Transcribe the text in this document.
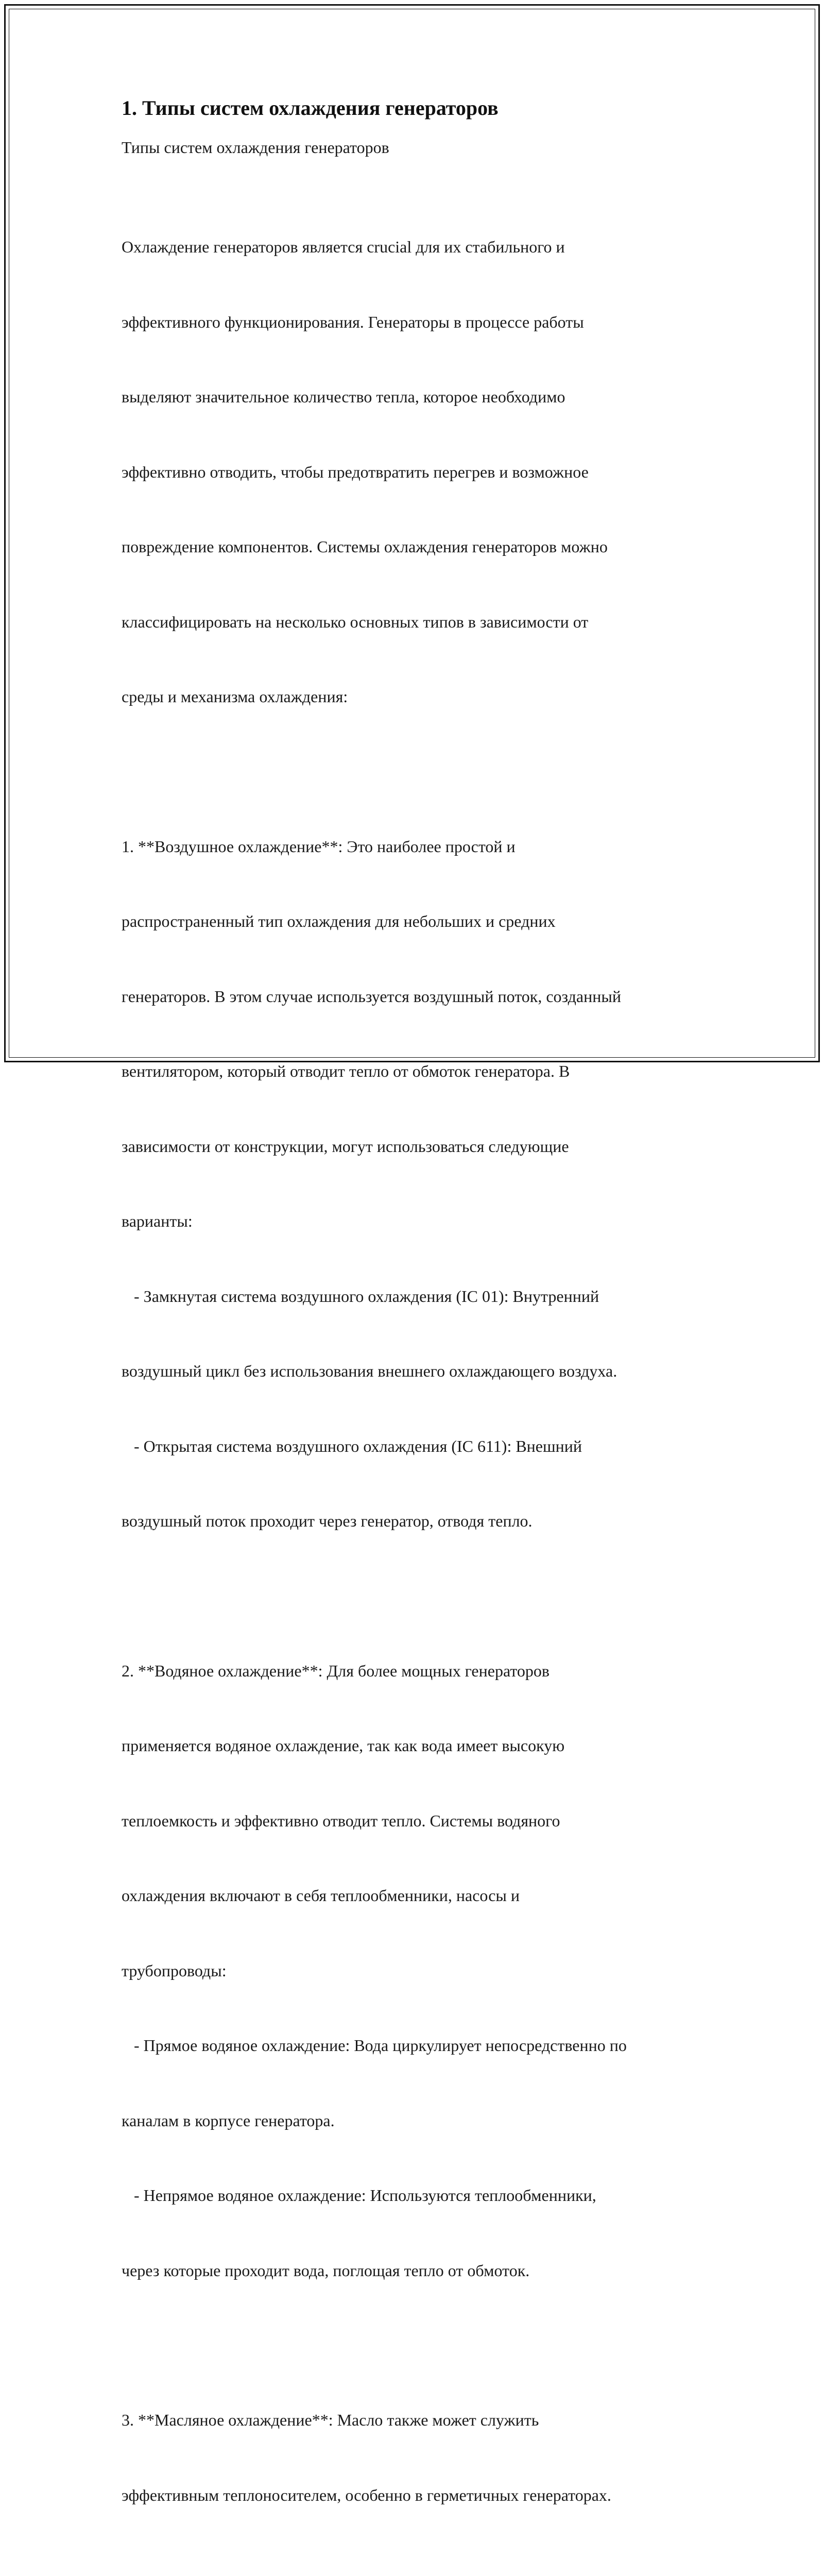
1. Типы систем охлаждения генераторов
Типы систем охлаждения генераторов

Охлаждение генераторов является crucial для их стабильного и

эффективного функционирования. Генераторы в процессе работы

выделяют значительное количество тепла, которое необходимо

эффективно отводить, чтобы предотвратить перегрев и возможное

повреждение компонентов. Системы охлаждения генераторов можно

классифицировать на несколько основных типов в зависимости от

среды и механизма охлаждения:

1. **Воздушное охлаждение**: Это наиболее простой и

распространенный тип охлаждения для небольших и средних

генераторов. В этом случае используется воздушный поток, созданный

вентилятором, который отводит тепло от обмоток генератора. В

зависимости от конструкции, могут использоваться следующие

варианты:

- Замкнутая система воздушного охлаждения (IC 01): Внутренний

воздушный цикл без использования внешнего охлаждающего воздуха.

- Открытая система воздушного охлаждения (IC 611): Внешний

воздушный поток проходит через генератор, отводя тепло.

2. **Водяное охлаждение**: Для более мощных генераторов

применяется водяное охлаждение, так как вода имеет высокую

теплоемкость и эффективно отводит тепло. Системы водяного

охлаждения включают в себя теплообменники, насосы и

трубопроводы:

- Прямое водяное охлаждение: Вода циркулирует непосредственно по

каналам в корпусе генератора.

- Непрямое водяное охлаждение: Используются теплообменники,

через которые проходит вода, поглощая тепло от обмоток.

3. **Масляное охлаждение**: Масло также может служить

эффективным теплоносителем, особенно в герметичных генераторах.
